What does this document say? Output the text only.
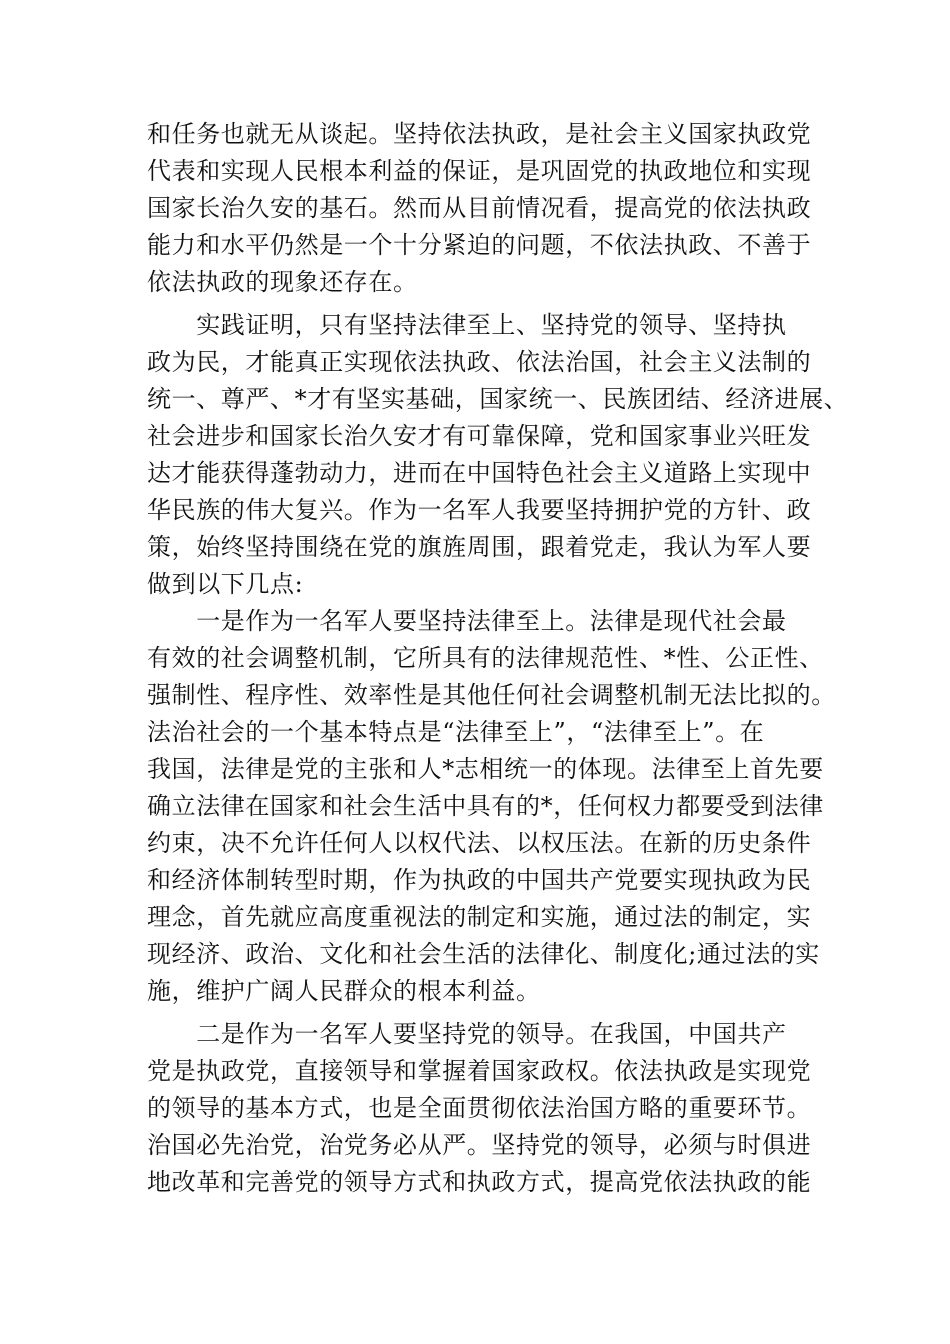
和任务也就无从谈起。坚持依法执政，是社会主义国家执政党
代表和实现人民根本利益的保证，是巩固党的执政地位和实现
国家长治久安的基石。然而从目前情况看，提高党的依法执政
能力和水平仍然是一个十分紧迫的问题，不依法执政、不善于
依法执政的现象还存在。
　　实践证明，只有坚持法律至上、坚持党的领导、坚持执
政为民，才能真正实现依法执政、依法治国，社会主义法制的
统一、尊严、*才有坚实基础，国家统一、民族团结、经济进展、
社会进步和国家长治久安才有可靠保障，党和国家事业兴旺发
达才能获得蓬勃动力，进而在中国特色社会主义道路上实现中
华民族的伟大复兴。作为一名军人我要坚持拥护党的方针、政
策，始终坚持围绕在党的旗旌周围，跟着党走，我认为军人要
做到以下几点:
　　一是作为一名军人要坚持法律至上。法律是现代社会最
有效的社会调整机制，它所具有的法律规范性、*性、公正性、
强制性、程序性、效率性是其他任何社会调整机制无法比拟的。
法治社会的一个基本特点是“法律至上”，“法律至上”。在
我国，法律是党的主张和人*志相统一的体现。法律至上首先要
确立法律在国家和社会生活中具有的*，任何权力都要受到法律
约束，决不允许任何人以权代法、以权压法。在新的历史条件
和经济体制转型时期，作为执政的中国共产党要实现执政为民
理念，首先就应高度重视法的制定和实施，通过法的制定，实
现经济、政治、文化和社会生活的法律化、制度化;通过法的实
施，维护广阔人民群众的根本利益。
　　二是作为一名军人要坚持党的领导。在我国，中国共产
党是执政党，直接领导和掌握着国家政权。依法执政是实现党
的领导的基本方式，也是全面贯彻依法治国方略的重要环节。
治国必先治党，治党务必从严。坚持党的领导，必须与时俱进
地改革和完善党的领导方式和执政方式，提高党依法执政的能
